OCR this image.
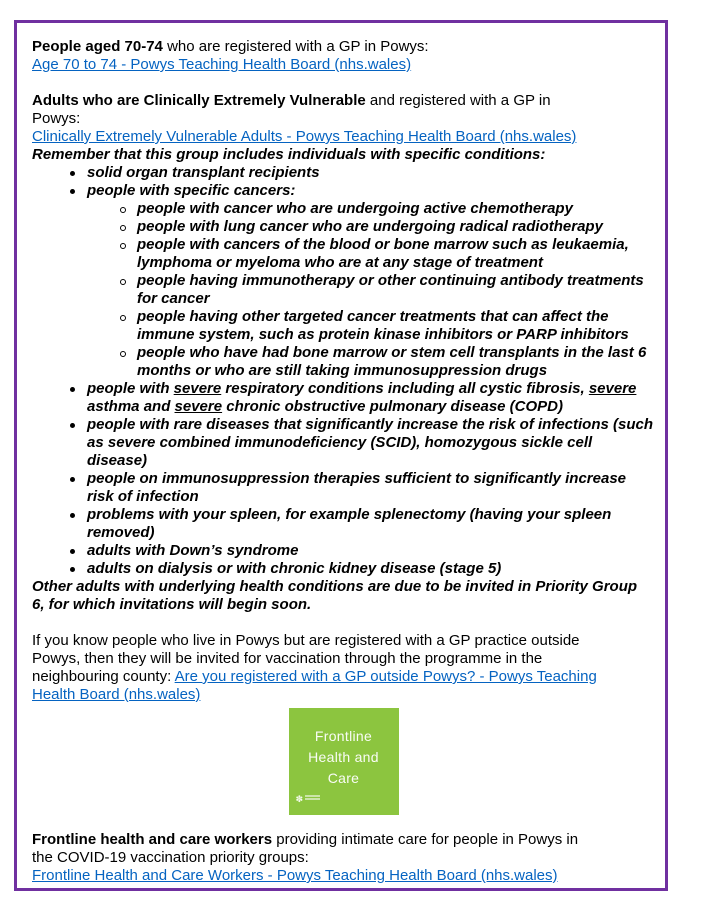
People aged 70-74 who are registered with a GP in Powys:

Age 70 to 74 - Powys Teaching Health Board (nhs.wales)

Adults who are Clinically Extremely Vulnerable and registered with a GP in
Powys:

Clinically Extremely Vulnerable Adults - Powys Teaching Health Board (nhs.wales)

Remember that this group includes individuals with specific conditions:

solid organ transplant recipients
people with specific cancers:
people with cancer who are undergoing active chemotherapy
people with lung cancer who are undergoing radical radiotherapy
people with cancers of the blood or bone marrow such as leukaemia, lymphoma or myeloma who are at any stage of treatment
people having immunotherapy or other continuing antibody treatments for cancer
people having other targeted cancer treatments that can affect the immune system, such as protein kinase inhibitors or PARP inhibitors
people who have had bone marrow or stem cell transplants in the last 6 months or who are still taking immunosuppression drugs
people with severe respiratory conditions including all cystic fibrosis, severe asthma and severe chronic obstructive pulmonary disease (COPD)
people with rare diseases that significantly increase the risk of infections (such as severe combined immunodeficiency (SCID), homozygous sickle cell disease)
people on immunosuppression therapies sufficient to significantly increase risk of infection
problems with your spleen, for example splenectomy (having your spleen removed)
adults with Down’s syndrome
adults on dialysis or with chronic kidney disease (stage 5)

Other adults with underlying health conditions are due to be invited in Priority Group
6, for which invitations will begin soon.

If you know people who live in Powys but are registered with a GP practice outside
Powys, then they will be invited for vaccination through the programme in the
neighbouring county: Are you registered with a GP outside Powys? - Powys Teaching
Health Board (nhs.wales)

Frontline
Health and
Care
✽

Frontline health and care workers providing intimate care for people in Powys in
the COVID-19 vaccination priority groups:

Frontline Health and Care Workers - Powys Teaching Health Board (nhs.wales)
